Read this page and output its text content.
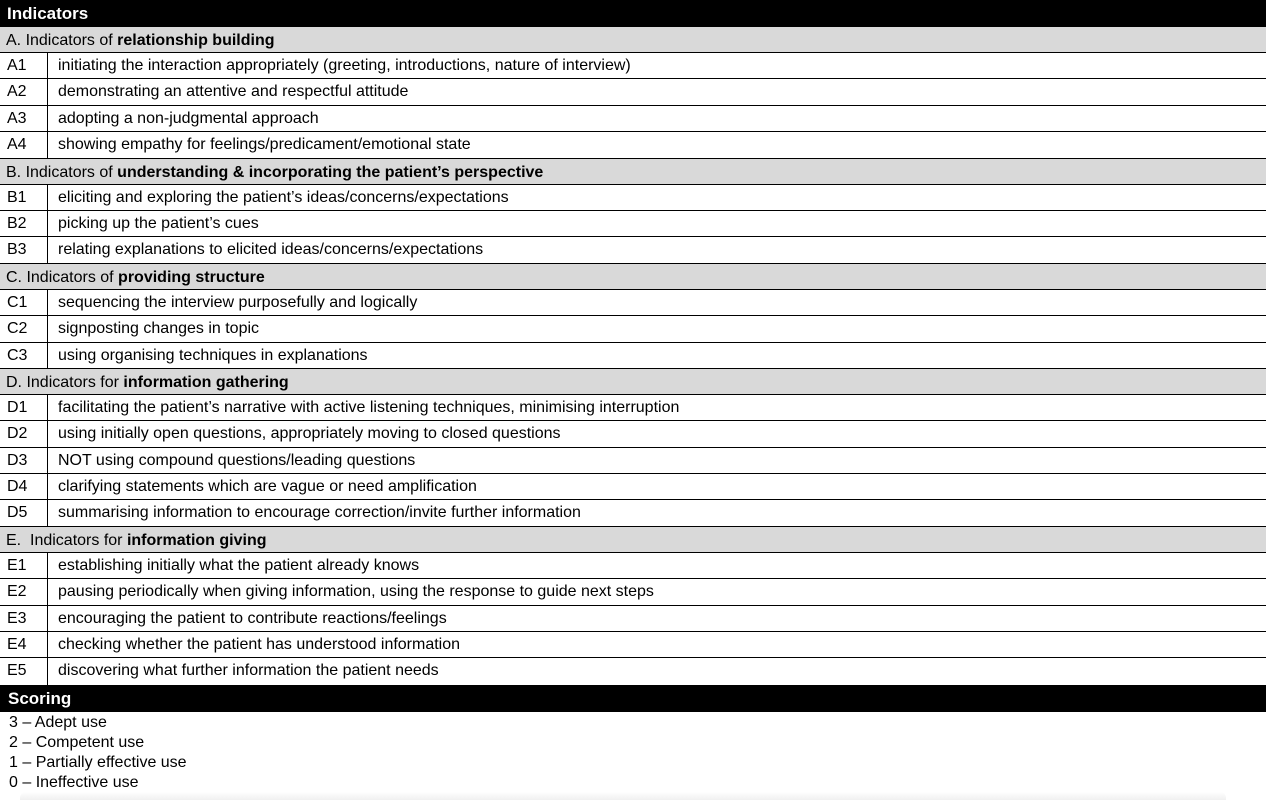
Indicators
A. Indicators of relationship building
A1	initiating the interaction appropriately (greeting, introductions, nature of interview)
A2	demonstrating an attentive and respectful attitude
A3	adopting a non-judgmental approach
A4	showing empathy for feelings/predicament/emotional state
B. Indicators of understanding & incorporating the patient’s perspective
B1	eliciting and exploring the patient’s ideas/concerns/expectations
B2	picking up the patient’s cues
B3	relating explanations to elicited ideas/concerns/expectations
C. Indicators of providing structure
C1	sequencing the interview purposefully and logically
C2	signposting changes in topic
C3	using organising techniques in explanations
D. Indicators for information gathering
D1	facilitating the patient’s narrative with active listening techniques, minimising interruption
D2	using initially open questions, appropriately moving to closed questions
D3	NOT using compound questions/leading questions
D4	clarifying statements which are vague or need amplification
D5	summarising information to encourage correction/invite further information
E.  Indicators for information giving
E1	establishing initially what the patient already knows
E2	pausing periodically when giving information, using the response to guide next steps
E3	encouraging the patient to contribute reactions/feelings
E4	checking whether the patient has understood information
E5	discovering what further information the patient needs
Scoring
3 – Adept use
2 – Competent use
1 – Partially effective use
0 – Ineffective use
